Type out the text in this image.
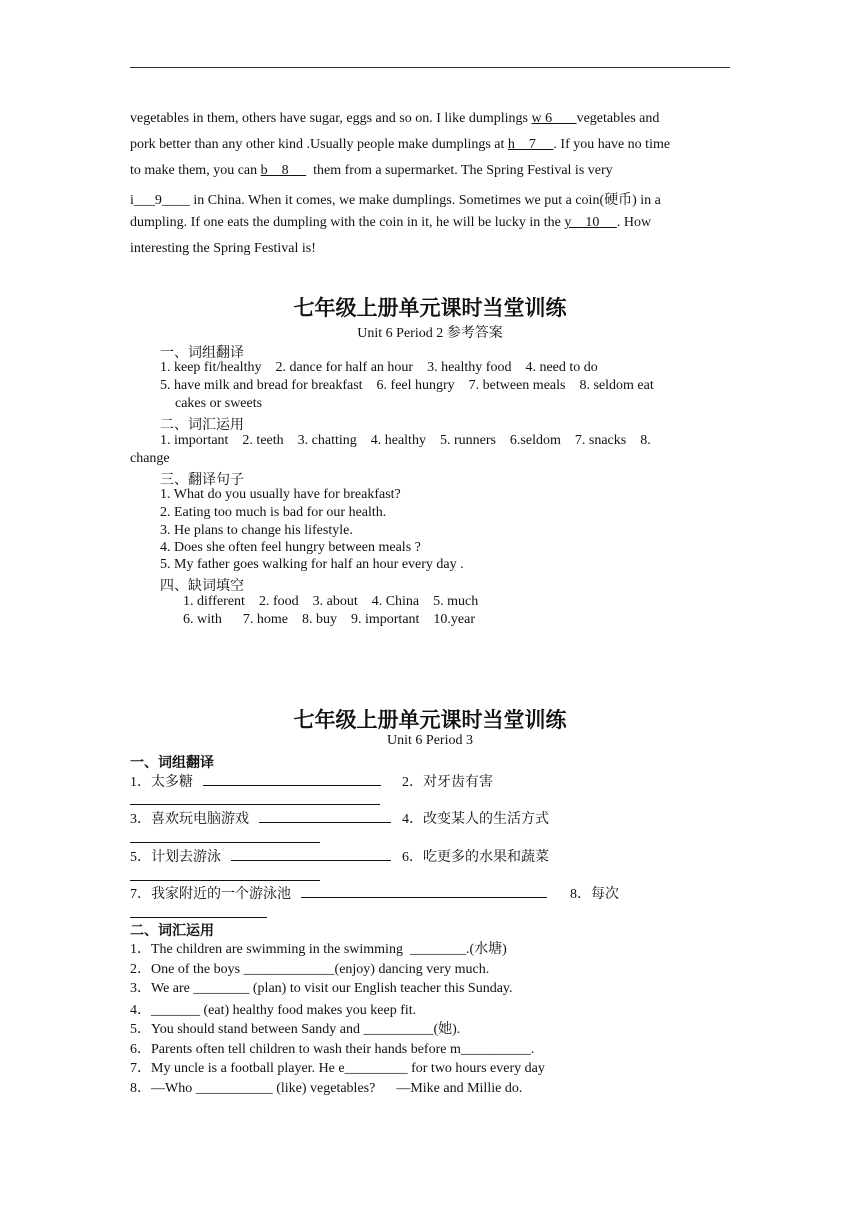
vegetables in them, others have sugar, eggs and so on. I like dumplings w 6 vegetables and
pork better than any other kind .Usually people make dumplings at h    7 . If you have no time
to make them, you can b    8       them from a supermarket. The Spring Festival is very
i___9____ in China. When it comes, we make dumplings. Sometimes we put a coin(硬币) in a
dumpling. If one eats the dumpling with the coin in it, he will be lucky in the y    10 . How
interesting the Spring Festival is!
七年级上册单元课时当堂训练
Unit 6 Period 2 参考答案
一、词组翻译
1. keep fit/healthy    2. dance for half an hour    3. healthy food    4. need to do
5. have milk and bread for breakfast    6. feel hungry    7. between meals    8. seldom eat
cakes or sweets
二、词汇运用
1. important    2. teeth    3. chatting    4. healthy    5. runners    6.seldom    7. snacks    8.
change
三、翻译句子
1. What do you usually have for breakfast?
2. Eating too much is bad for our health.
3. He plans to change his lifestyle.
4. Does she often feel hungry between meals ?
5. My father goes walking for half an hour every day .
四、缺词填空
1. different    2. food    3. about    4. China    5. much
6. with      7. home    8. buy    9. important    10.year
七年级上册单元课时当堂训练
Unit 6 Period 3
一、词组翻译
1．太多糖	2．对牙齿有害
3．喜欢玩电脑游戏	4．改变某人的生活方式
5．计划去游泳	6．吃更多的水果和蔬菜
7．我家附近的一个游泳池	8．每次
二、词汇运用
1．The children are swimming in the swimming  ________.(水塘)
2．One of the boys _____________(enjoy) dancing very much.
3．We are ________ (plan) to visit our English teacher this Sunday.
4．_______ (eat) healthy food makes you keep fit.
5．You should stand between Sandy and __________(她).
6．Parents often tell children to wash their hands before m__________.
7．My uncle is a football player. He e_________ for two hours every day
8．—Who ___________ (like) vegetables?      —Mike and Millie do.
